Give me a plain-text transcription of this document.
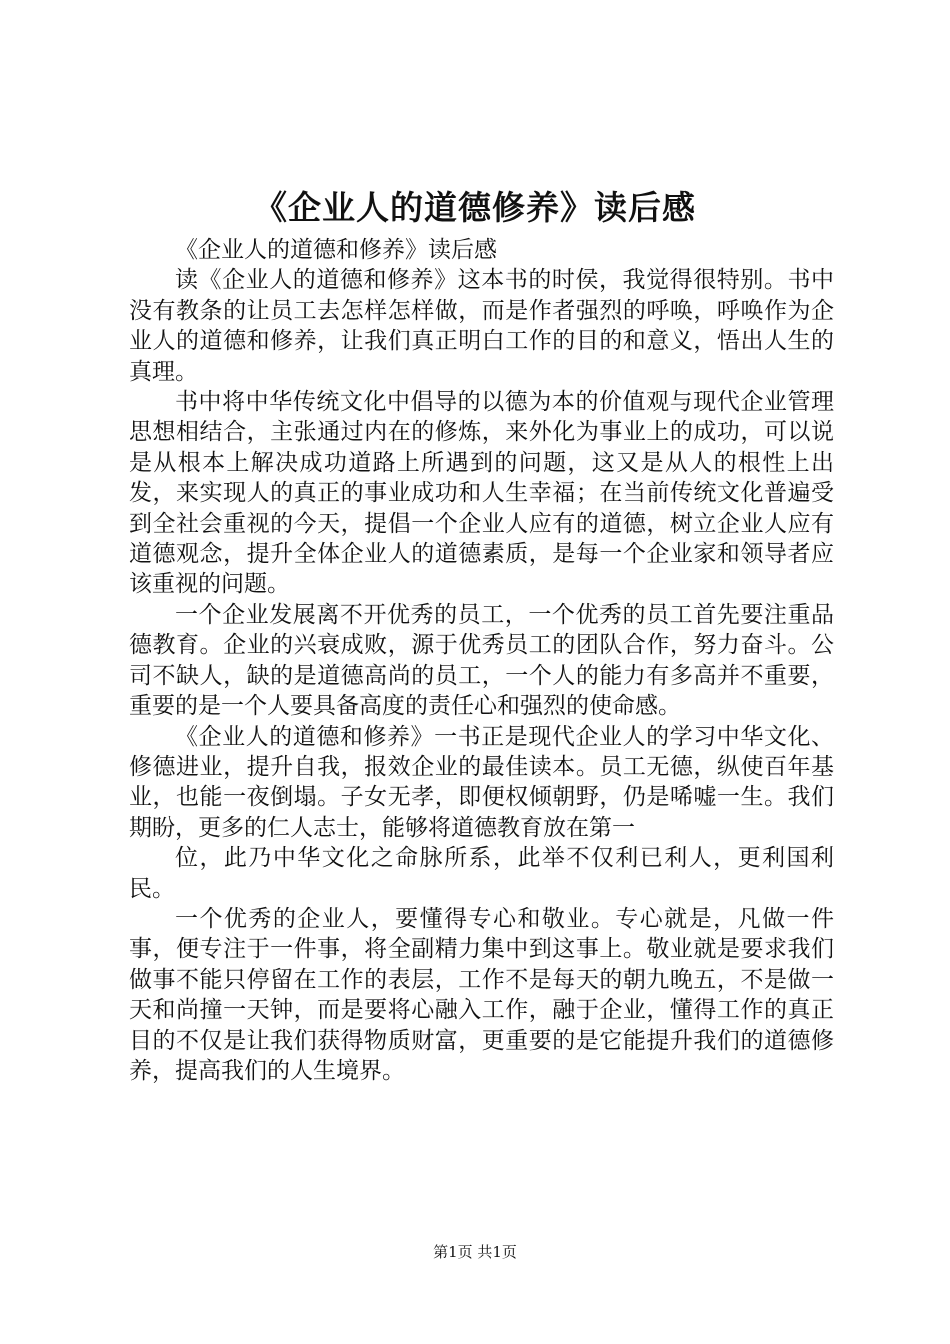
《企业人的道德修养》读后感

《企业人的道德和修养》读后感

读《企业人的道德和修养》这本书的时侯，我觉得很特别。书中没有教条的让员工去怎样怎样做，而是作者强烈的呼唤，呼唤作为企业人的道德和修养，让我们真正明白工作的目的和意义，悟出人生的真理。

书中将中华传统文化中倡导的以德为本的价值观与现代企业管理思想相结合，主张通过内在的修炼，来外化为事业上的成功，可以说是从根本上解决成功道路上所遇到的问题，这又是从人的根性上出发，来实现人的真正的事业成功和人生幸福；在当前传统文化普遍受到全社会重视的今天，提倡一个企业人应有的道德，树立企业人应有道德观念，提升全体企业人的道德素质，是每一个企业家和领导者应该重视的问题。

一个企业发展离不开优秀的员工，一个优秀的员工首先要注重品德教育。企业的兴衰成败，源于优秀员工的团队合作，努力奋斗。公司不缺人，缺的是道德高尚的员工，一个人的能力有多高并不重要，重要的是一个人要具备高度的责任心和强烈的使命感。

《企业人的道德和修养》一书正是现代企业人的学习中华文化、修德进业，提升自我，报效企业的最佳读本。员工无德，纵使百年基业，也能一夜倒塌。子女无孝，即便权倾朝野，仍是唏嘘一生。我们期盼，更多的仁人志士，能够将道德教育放在第一

位，此乃中华文化之命脉所系，此举不仅利已利人，更利国利民。

一个优秀的企业人，要懂得专心和敬业。专心就是，凡做一件事，便专注于一件事，将全副精力集中到这事上。敬业就是要求我们做事不能只停留在工作的表层，工作不是每天的朝九晚五，不是做一天和尚撞一天钟，而是要将心融入工作，融于企业，懂得工作的真正目的不仅是让我们获得物质财富，更重要的是它能提升我们的道德修养，提高我们的人生境界。

第1页 共1页
